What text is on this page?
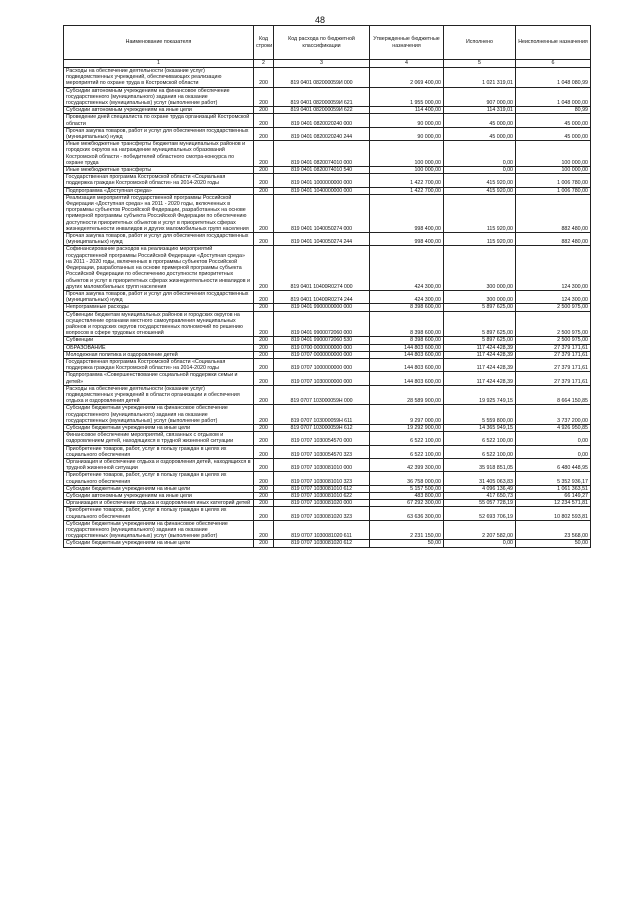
48
Наименование показателя	Код строки	Код расхода по бюджетной классификации	Утвержденные бюджетные назначения	Исполнено	Неисполненные назначения
1	2	3	4	5	6
Расходы на обеспечение деятельности (оказание услуг) подведомственных учреждений, обеспечивающих реализацию мероприятий по охране труда в Костромской области	200	819 0401 082000059И 000	2 069 400,00	1 021 319,01	1 048 080,99
Субсидии автономным учреждениям на финансовое обеспечение государственного (муниципального) задания на оказание государственных (муниципальных) услуг (выполнение работ)	200	819 0401 082000059И 621	1 955 000,00	907 000,00	1 048 000,00
Субсидии автономным учреждениям на иные цели	200	819 0401 082000059И 622	114 400,00	114 319,01	80,99
Проведение дней специалиста по охране труда организаций Костромской области	200	819 0401 0820020240 000	90 000,00	45 000,00	45 000,00
Прочая закупка товаров, работ и услуг для обеспечения государственных (муниципальных) нужд	200	819 0401 0820020240 244	90 000,00	45 000,00	45 000,00
Иные межбюджетные трансферты бюджетам муниципальных районов и городских округов на награждение муниципальных образований Костромской области - победителей областного смотра-конкурса по охране труда	200	819 0401 0820074010 000	100 000,00	0,00	100 000,00
Иные межбюджетные трансферты	200	819 0401 0820074010 540	100 000,00	0,00	100 000,00
Государственная программа Костромской области «Социальная поддержка граждан Костромской области» на 2014-2020 годы	200	819 0401 1000000000 000	1 422 700,00	415 920,00	1 006 780,00
Подпрограмма «Доступная среда»	200	819 0401 1040000000 000	1 422 700,00	415 920,00	1 006 780,00
Реализация мероприятий государственной программы Российской Федерации «Доступная среда» на 2011 - 2020 годы, включенных в программы субъектов Российской Федерации, разработанных на основе примерной программы субъекта Российской Федерации по обеспечению доступности приоритетных объектов и услуг в приоритетных сферах жизнедеятельности инвалидов и других маломобильных групп населения	200	819 0401 1040050274 000	998 400,00	115 920,00	882 480,00
Прочая закупка товаров, работ и услуг для обеспечения государственных (муниципальных) нужд	200	819 0401 1040050274 244	998 400,00	115 920,00	882 480,00
Софинансирование расходов на реализацию мероприятий государственной программы Российской Федерации «Доступная среда» на 2011 - 2020 годы, включенных в программы субъектов Российской Федерации, разработанных на основе примерной программы субъекта Российской Федерации по обеспечению доступности приоритетных объектов и услуг в приоритетных сферах жизнедеятельности инвалидов и других маломобильных групп населения	200	819 0401 10400R0274 000	424 300,00	300 000,00	124 300,00
Прочая закупка товаров, работ и услуг для обеспечения государственных (муниципальных) нужд	200	819 0401 10400R0274 244	424 300,00	300 000,00	124 300,00
Непрограммные расходы	200	819 0401 9900000000 000	8 398 600,00	5 897 625,00	2 500 975,00
Субвенции бюджетам муниципальных районов и городских округов на осуществление органами местного самоуправления муниципальных районов и городских округов государственных полномочий по решению вопросов в сфере трудовых отношений	200	819 0401 9900072060 000	8 398 600,00	5 897 625,00	2 500 975,00
Субвенции	200	819 0401 9900072060 530	8 398 600,00	5 897 625,00	2 500 975,00
ОБРАЗОВАНИЕ	200	819 0700 0000000000 000	144 803 600,00	117 424 428,39	27 379 171,61
Молодежная политика и оздоровление детей	200	819 0707 0000000000 000	144 803 600,00	117 424 428,39	27 379 171,61
Государственная программа Костромской области «Социальная поддержка граждан Костромской области» на 2014-2020 годы	200	819 0707 1000000000 000	144 803 600,00	117 424 428,39	27 379 171,61
Подпрограмма «Совершенствование социальной поддержки семьи и детей»	200	819 0707 1030000000 000	144 803 600,00	117 424 428,39	27 379 171,61
Расходы на обеспечение деятельности (оказание услуг) подведомственных учреждений в области организации и обеспечения отдыха и оздоровления детей	200	819 0707 103000059Н 000	28 589 900,00	19 925 749,15	8 664 150,85
Субсидии бюджетным учреждениям на финансовое обеспечение государственного (муниципального) задания на оказание государственных (муниципальных) услуг (выполнение работ)	200	819 0707 103000059Н 611	9 297 000,00	5 559 800,00	3 737 200,00
Субсидии бюджетным учреждениям на иные цели	200	819 0707 103000059Н 612	19 292 900,00	14 365 949,15	4 926 950,85
Финансовое обеспечение мероприятий, связанных с отдыхом и оздоровлением детей, находящихся в трудной жизненной ситуации	200	819 0707 1030054570 000	6 522 100,00	6 522 100,00	0,00
Приобретение товаров, работ, услуг в пользу граждан в целях их социального обеспечения	200	819 0707 1030054570 323	6 522 100,00	6 522 100,00	0,00
Организация и обеспечение отдыха и оздоровления детей, находящихся в трудной жизненной ситуации	200	819 0707 1030081010 000	42 399 300,00	35 918 851,05	6 480 448,95
Приобретение товаров, работ, услуг в пользу граждан в целях их социального обеспечения	200	819 0707 1030081010 323	36 758 000,00	31 405 063,83	5 352 936,17
Субсидии бюджетным учреждениям на иные цели	200	819 0707 1030081010 612	5 157 500,00	4 096 136,49	1 061 363,51
Субсидии автономным учреждениям на иные цели	200	819 0707 1030081010 622	483 800,00	417 650,73	66 149,27
Организация и обеспечение отдыха и оздоровления иных категорий детей	200	819 0707 1030081020 000	67 292 300,00	55 057 728,19	12 234 571,81
Приобретение товаров, работ, услуг в пользу граждан в целях их социального обеспечения	200	819 0707 1030081020 323	63 636 300,00	52 693 706,19	10 802 593,81
Субсидии бюджетным учреждениям на финансовое обеспечение государственного (муниципального) задания на оказание государственных (муниципальных) услуг (выполнение работ)	200	819 0707 1030081020 611	2 231 150,00	2 207 582,00	23 568,00
Субсидии бюджетным учреждениям на иные цели	200	819 0707 1030081020 612	50,00	0,00	50,00
